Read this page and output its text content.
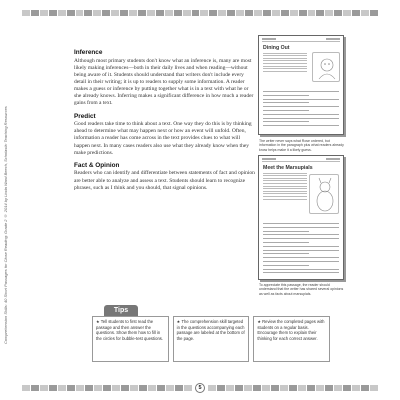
Comprehension Skills: 40 Short Passages for Close Reading: Grade 2 © 2014 by Linda Ward Beech, Scholastic Teaching Resources
Inference
Although most primary students don't know what an inference is, many are most likely making inferences—both in their daily lives and when reading—without being aware of it. Students should understand that writers don't include every detail in their writing; it is up to readers to supply some information. A reader makes a guess or inference by putting together what is in a text with what he or she already knows. Inferring makes a significant difference in how much a reader gains from a text.
Predict
Good readers take time to think about a text. One way they do this is by thinking ahead to determine what may happen next or how an event will unfold. Often, information a reader has come across in the text provides clues to what will happen next. In many cases readers also use what they already know when they make predictions.
Fact & Opinion
Readers who can identify and differentiate between statements of fact and opinion are better able to analyze and assess a text. Students should learn to recognize phrases, such as I think and you should, that signal opinions.
Dining Out
The writer never says what Rose ordered, but information in the paragraph plus what readers already know helps make it a likely guess.
Meet the Marsupials
To appreciate this passage, the reader should understand that the writer has shared several opinions as well as facts about marsupials.
Tips
★Tell students to first read the passage and then answer the questions. Show them how to fill in the circles for bubble-test questions.
★The comprehension skill targeted in the questions accompanying each passage are labeled at the bottom of the page.
★Review the completed pages with students on a regular basis. Encourage them to explain their thinking for each correct answer.
5
